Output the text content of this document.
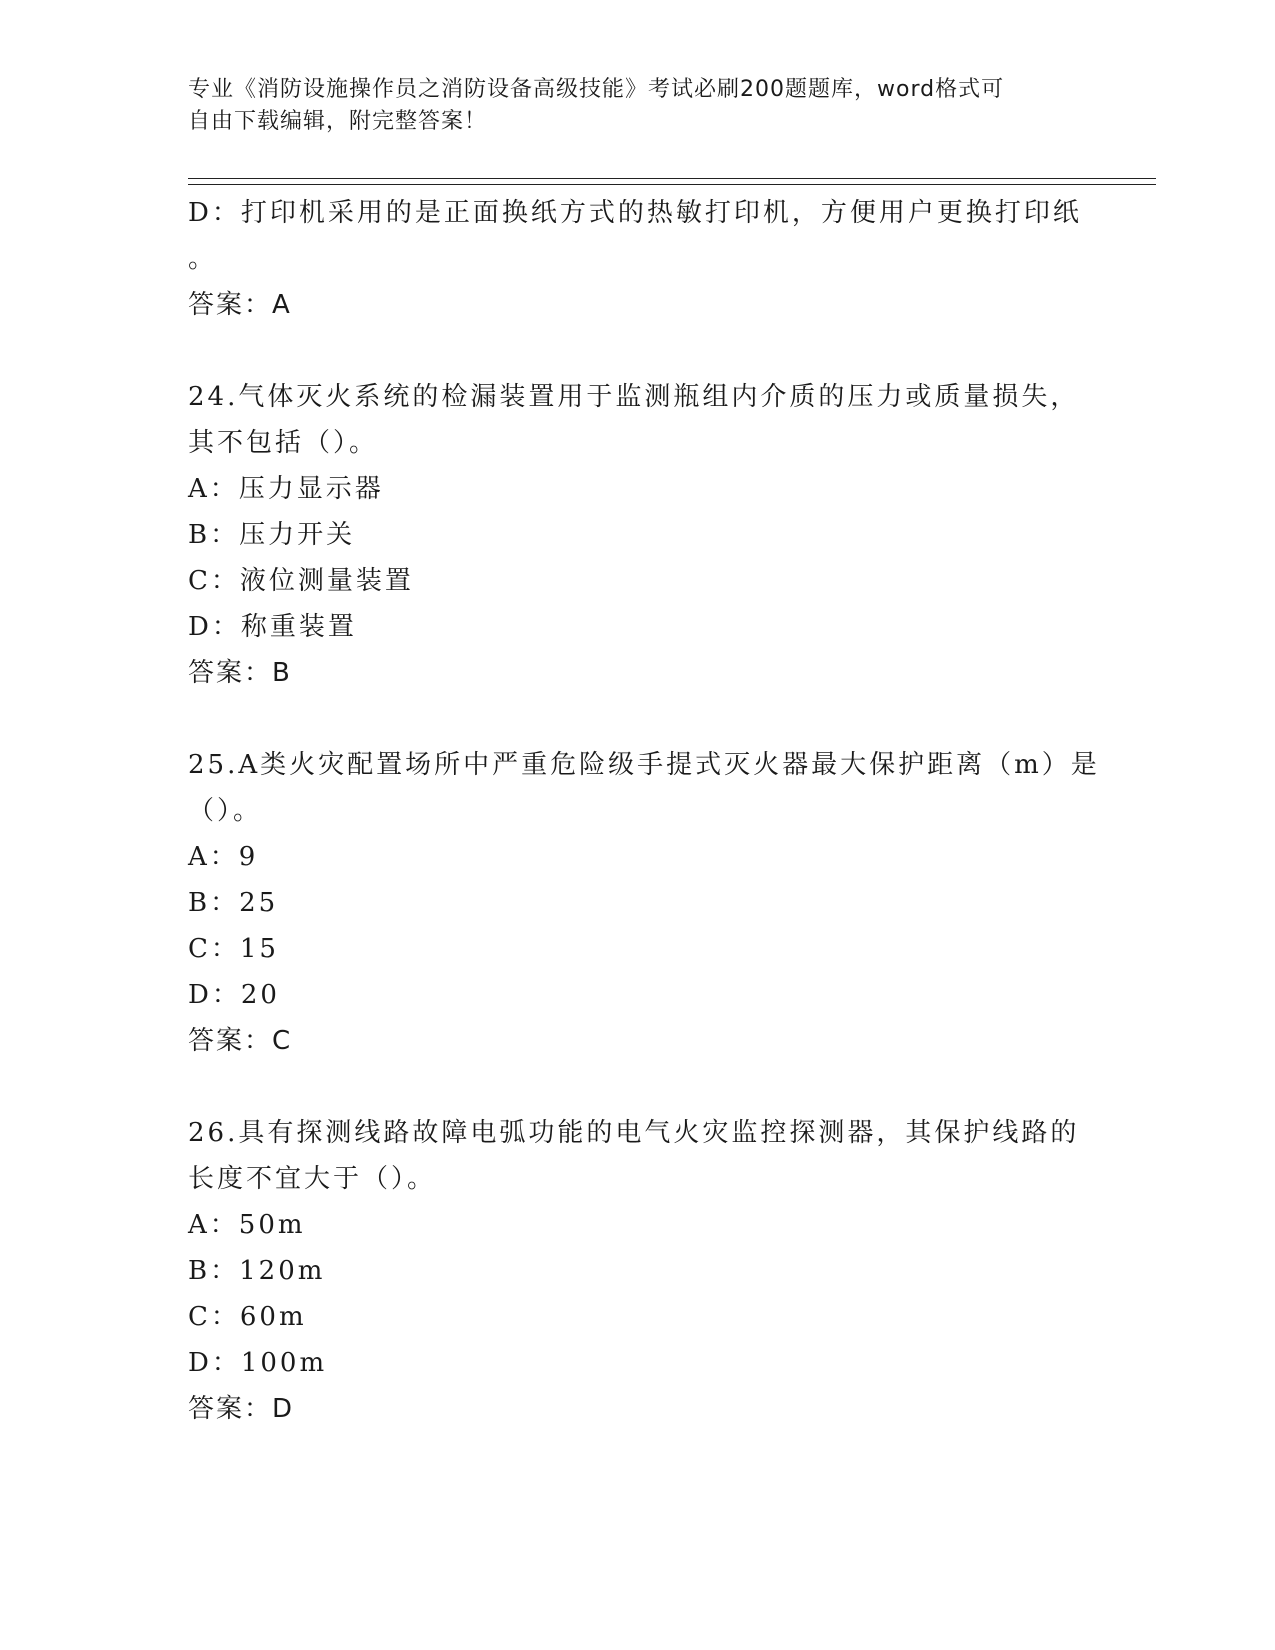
专业《消防设施操作员之消防设备高级技能》考试必刷200题题库，word格式可
自由下载编辑，附完整答案！
D：打印机采用的是正面换纸方式的热敏打印机，方便用户更换打印纸
。
答案：A
24.气体灭火系统的检漏装置用于监测瓶组内介质的压力或质量损失，
其不包括（）。
A：压力显示器
B：压力开关
C：液位测量装置
D：称重装置
答案：B
25.A类火灾配置场所中严重危险级手提式灭火器最大保护距离（m）是
（）。
A：9
B：25
C：15
D：20
答案：C
26.具有探测线路故障电弧功能的电气火灾监控探测器，其保护线路的
长度不宜大于（）。
A：50m
B：120m
C：60m
D：100m
答案：D
